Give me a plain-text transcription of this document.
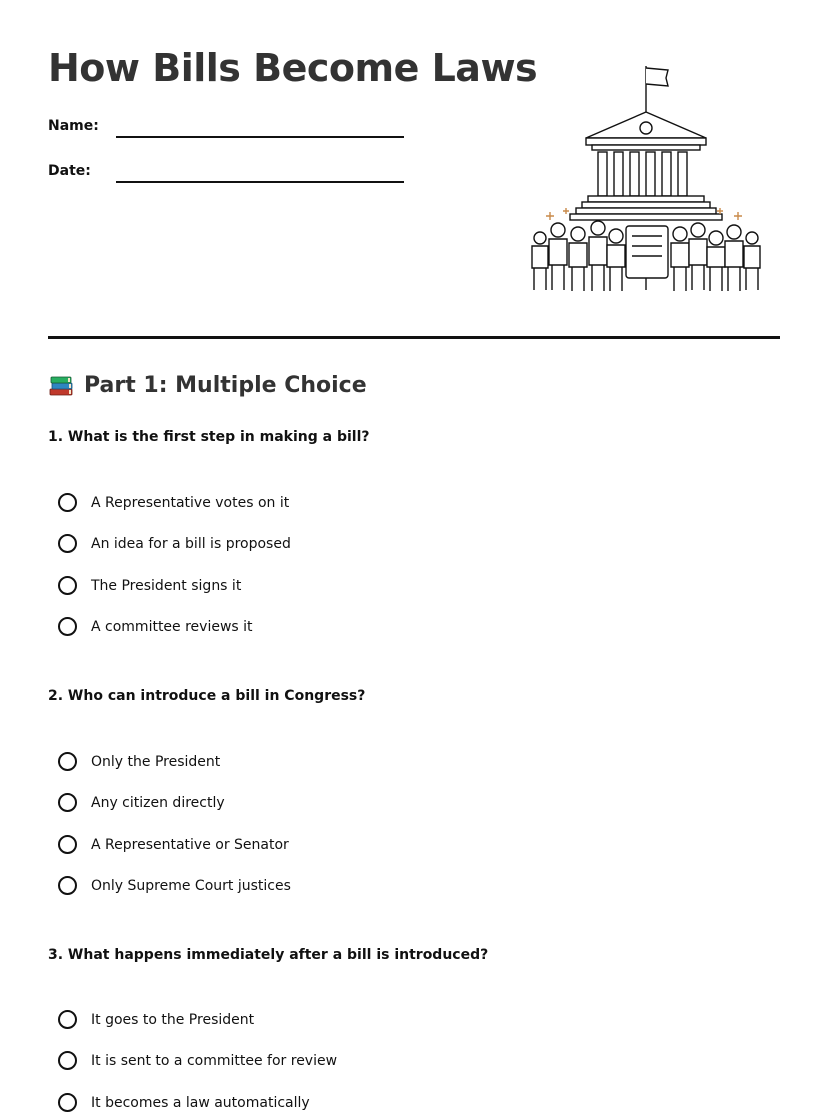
How Bills Become Laws
Name:
Date:
Part 1: Multiple Choice

1. What is the first step in making a bill?

A Representative votes on it
An idea for a bill is proposed
The President signs it
A committee reviews it

2. Who can introduce a bill in Congress?

Only the President
Any citizen directly
A Representative or Senator
Only Supreme Court justices

3. What happens immediately after a bill is introduced?

It goes to the President
It is sent to a committee for review
It becomes a law automatically
